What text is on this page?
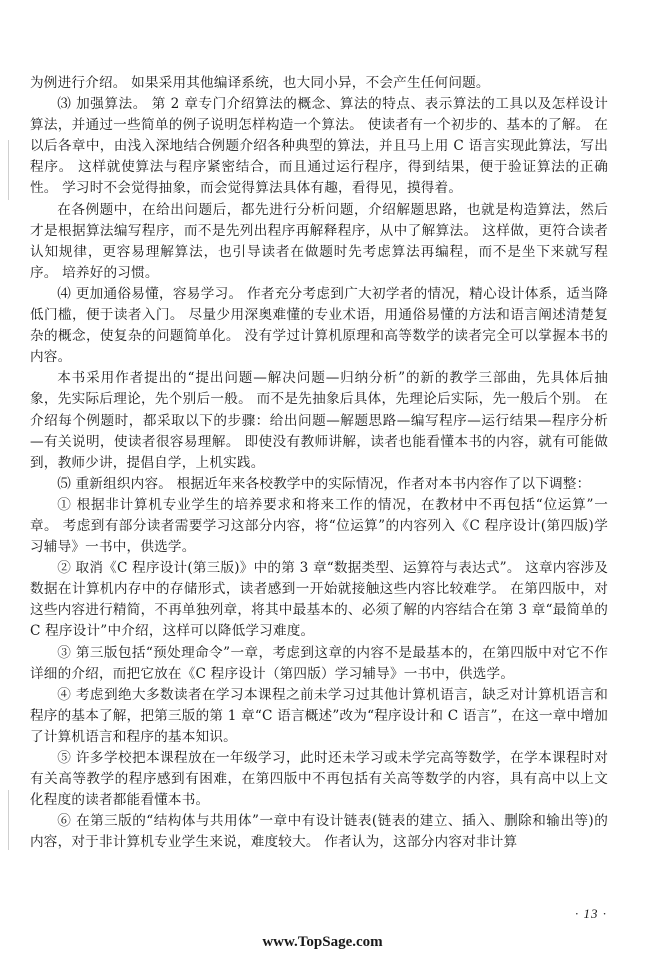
为例进行介绍。 如果采用其他编译系统，也大同小异，不会产生任何问题。

⑶ 加强算法。 第 2 章专门介绍算法的概念、算法的特点、表示算法的工具以及怎样设计算法，并通过一些简单的例子说明怎样构造一个算法。 使读者有一个初步的、基本的了解。 在以后各章中，由浅入深地结合例题介绍各种典型的算法，并且马上用 C 语言实现此算法，写出程序。 这样就使算法与程序紧密结合，而且通过运行程序，得到结果，便于验证算法的正确性。 学习时不会觉得抽象，而会觉得算法具体有趣，看得见，摸得着。

在各例题中，在给出问题后，都先进行分析问题，介绍解题思路，也就是构造算法，然后才是根据算法编写程序，而不是先列出程序再解释程序，从中了解算法。 这样做，更符合读者认知规律，更容易理解算法，也引导读者在做题时先考虑算法再编程，而不是坐下来就写程序。 培养好的习惯。

⑷ 更加通俗易懂，容易学习。 作者充分考虑到广大初学者的情况，精心设计体系，适当降低门槛，便于读者入门。 尽量少用深奥难懂的专业术语，用通俗易懂的方法和语言阐述清楚复杂的概念，使复杂的问题简单化。 没有学过计算机原理和高等数学的读者完全可以掌握本书的内容。

本书采用作者提出的“提出问题—解决问题—归纳分析”的新的教学三部曲，先具体后抽象，先实际后理论，先个别后一般。 而不是先抽象后具体，先理论后实际，先一般后个别。 在介绍每个例题时，都采取以下的步骤：给出问题—解题思路—编写程序—运行结果—程序分析—有关说明，使读者很容易理解。 即使没有教师讲解，读者也能看懂本书的内容，就有可能做到，教师少讲，提倡自学，上机实践。

⑸ 重新组织内容。 根据近年来各校教学中的实际情况，作者对本书内容作了以下调整：

① 根据非计算机专业学生的培养要求和将来工作的情况，在教材中不再包括“位运算”一章。 考虑到有部分读者需要学习这部分内容，将“位运算”的内容列入《C 程序设计(第四版)学习辅导》一书中，供选学。

② 取消《C 程序设计(第三版)》中的第 3 章“数据类型、运算符与表达式”。 这章内容涉及数据在计算机内存中的存储形式，读者感到一开始就接触这些内容比较难学。 在第四版中，对这些内容进行精简，不再单独列章，将其中最基本的、必须了解的内容结合在第 3 章“最简单的 C 程序设计”中介绍，这样可以降低学习难度。

③ 第三版包括“预处理命令”一章，考虑到这章的内容不是最基本的，在第四版中对它不作详细的介绍，而把它放在《C 程序设计（第四版）学习辅导》一书中，供选学。

④ 考虑到绝大多数读者在学习本课程之前未学习过其他计算机语言，缺乏对计算机语言和程序的基本了解，把第三版的第 1 章“C 语言概述”改为“程序设计和 C 语言”，在这一章中增加了计算机语言和程序的基本知识。

⑤ 许多学校把本课程放在一年级学习，此时还未学习或未学完高等数学，在学本课程时对有关高等教学的程序感到有困难，在第四版中不再包括有关高等数学的内容，具有高中以上文化程度的读者都能看懂本书。

⑥ 在第三版的“结构体与共用体”一章中有设计链表(链表的建立、插入、删除和输出等)的内容，对于非计算机专业学生来说，难度较大。 作者认为，这部分内容对非计算

· 13 ·
www.TopSage.com
